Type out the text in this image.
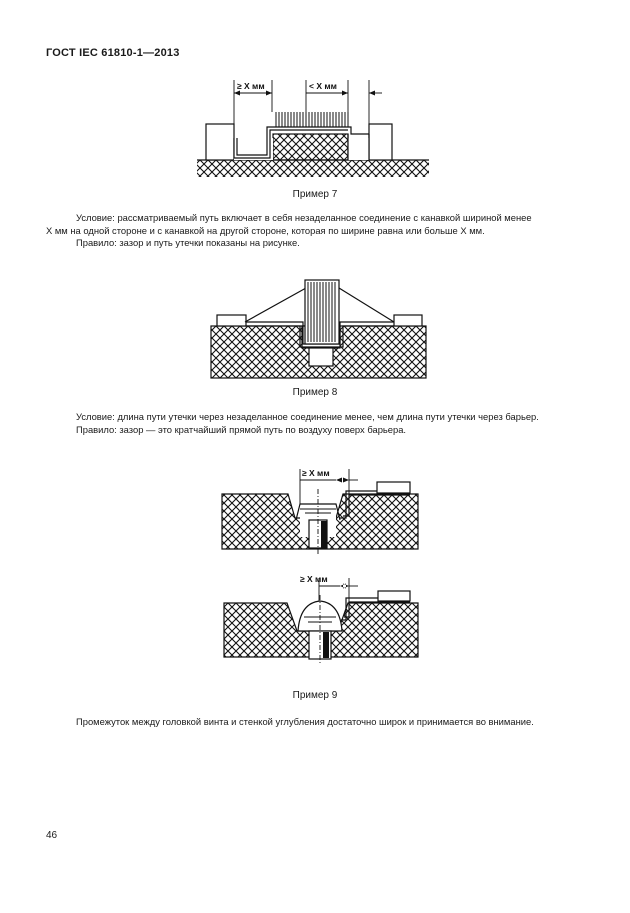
ГОСТ IEC 61810-1—2013
≥ X мм	< X мм
Пример 7

Условие: рассматриваемый путь включает в себя незаделанное соединение с канавкой шириной менее

X мм на одной стороне и с канавкой на другой стороне, которая по ширине равна или больше X мм.

Правило: зазор и путь утечки показаны на рисунке.

Пример 8

Условие: длина пути утечки через незаделанное соединение менее, чем длина пути утечки через барьер.

Правило: зазор — это кратчайший прямой путь по воздуху поверх барьера.

≥ X мм
≥ X мм
Пример 9

Промежуток между головкой винта и стенкой углубления достаточно широк и принимается во внимание.

46
